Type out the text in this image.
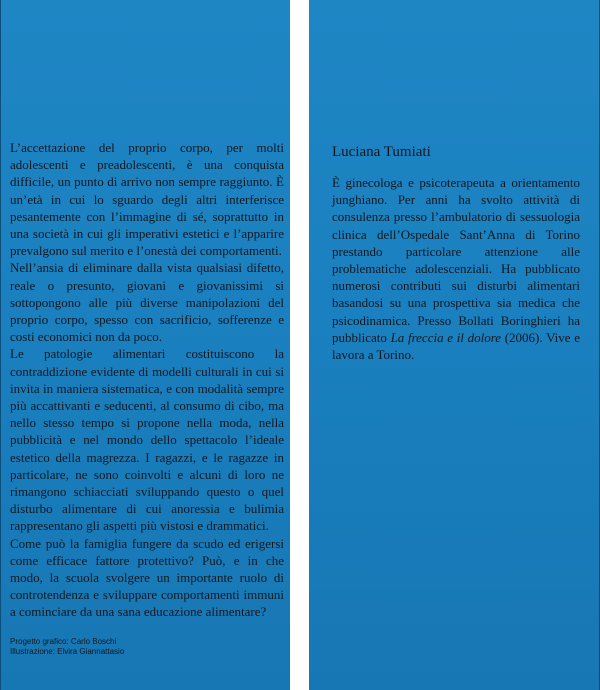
L’accettazione del proprio corpo, per molti adolescenti e preadolescenti, è una conquista difficile, un punto di arrivo non sempre raggiunto. È un’età in cui lo sguardo degli altri interferisce pesantemente con l’immagine di sé, soprattutto in una società in cui gli imperativi estetici e l’apparire prevalgono sul merito e l’onestà dei comportamenti.

Nell’ansia di eliminare dalla vista qualsiasi difetto, reale o presunto, giovani e giovanissimi si sottopongono alle più diverse manipolazioni del proprio corpo, spesso con sacrificio, sofferenze e costi economici non da poco.

Le patologie alimentari costituiscono la contraddizione evidente di modelli culturali in cui si invita in maniera sistematica, e con modalità sempre più accattivanti e seducenti, al consumo di cibo, ma nello stesso tempo si propone nella moda, nella pubblicità e nel mondo dello spettacolo l’ideale estetico della magrezza. I ragazzi, e le ragazze in particolare, ne sono coinvolti e alcuni di loro ne rimangono schiacciati sviluppando questo o quel disturbo alimentare di cui anoressia e bulimia rappresentano gli aspetti più vistosi e drammatici.

Come può la famiglia fungere da scudo ed erigersi come efficace fattore protettivo? Può, e in che modo, la scuola svolgere un importante ruolo di controtendenza e sviluppare comportamenti immuni a cominciare da una sana educazione alimentare?

Progetto grafico: Carlo Boschi
Illustrazione: Elvira Giannattasio
Luciana Tumiati

È ginecologa e psicoterapeuta a orientamento junghiano. Per anni ha svolto attività di consulenza presso l’ambulatorio di sessuologia clinica dell’Ospedale Sant’Anna di Torino prestando particolare attenzione alle problematiche adolescenziali. Ha pubblicato numerosi contributi sui disturbi alimentari basandosi su una prospettiva sia medica che psicodinamica. Presso Bollati Boringhieri ha pubblicato La freccia e il dolore (2006). Vive e lavora a Torino.
